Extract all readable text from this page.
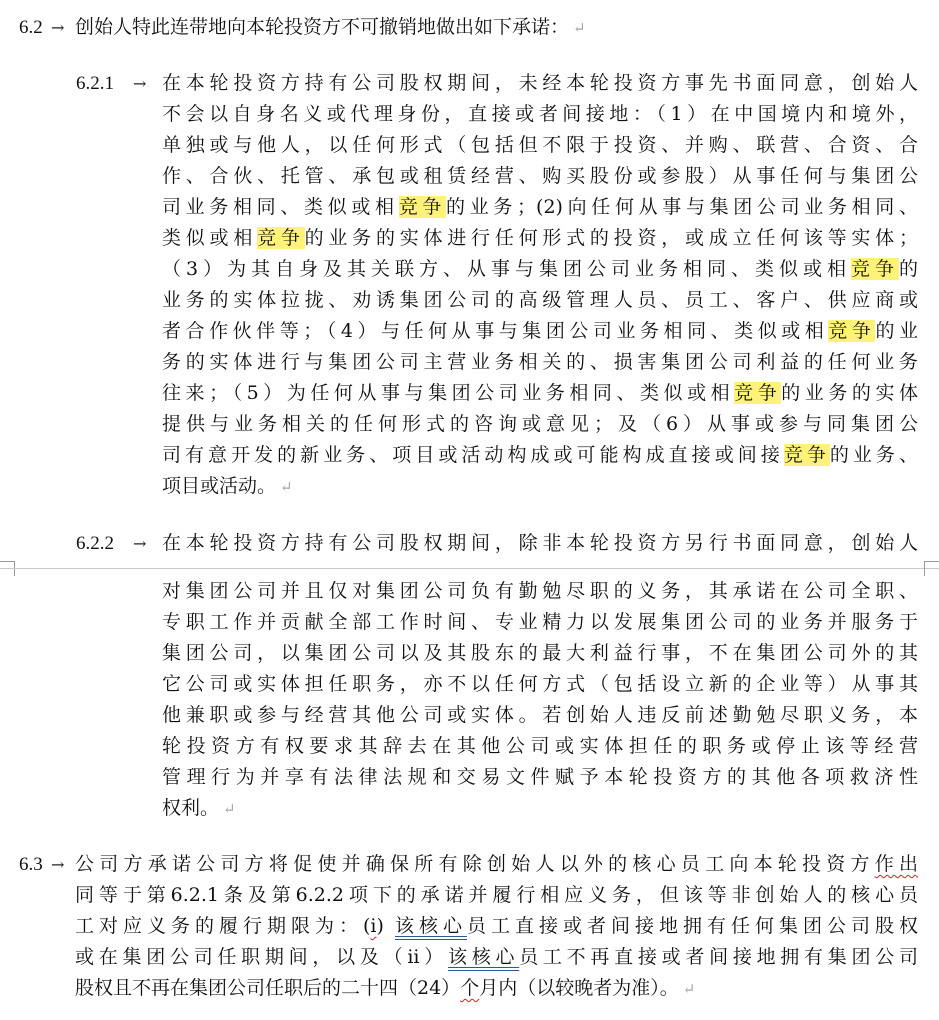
6.2 → 创始人特此连带地向本轮投资方不可撤销地做出如下承诺： ↵
6.2.1 → 在本轮投资方持有公司股权期间，未经本轮投资方事先书面同意，创始人
不会以自身名义或代理身份，直接或者间接地：（1）在中国境内和境外，
单独或与他人，以任何形式（包括但不限于投资、并购、联营、合资、合
作、合伙、托管、承包或租赁经营、购买股份或参股）从事任何与集团公
司业务相同、类似或相竞争的业务；(2)向任何从事与集团公司业务相同、
类似或相竞争的业务的实体进行任何形式的投资，或成立任何该等实体；
（3）为其自身及其关联方、从事与集团公司业务相同、类似或相竞争的
业务的实体拉拢、劝诱集团公司的高级管理人员、员工、客户、供应商或
者合作伙伴等；（4）与任何从事与集团公司业务相同、类似或相竞争的业
务的实体进行与集团公司主营业务相关的、损害集团公司利益的任何业务
往来；（5）为任何从事与集团公司业务相同、类似或相竞争的业务的实体
提供与业务相关的任何形式的咨询或意见；及（6）从事或参与同集团公
司有意开发的新业务、项目或活动构成或可能构成直接或间接竞争的业务、
项目或活动。 ↵
6.2.2 → 在本轮投资方持有公司股权期间，除非本轮投资方另行书面同意，创始人
对集团公司并且仅对集团公司负有勤勉尽职的义务，其承诺在公司全职、
专职工作并贡献全部工作时间、专业精力以发展集团公司的业务并服务于
集团公司，以集团公司以及其股东的最大利益行事，不在集团公司外的其
它公司或实体担任职务，亦不以任何方式（包括设立新的企业等）从事其
他兼职或参与经营其他公司或实体。若创始人违反前述勤勉尽职义务，本
轮投资方有权要求其辞去在其他公司或实体担任的职务或停止该等经营
管理行为并享有法律法规和交易文件赋予本轮投资方的其他各项救济性
权利。 ↵
6.3 → 公司方承诺公司方将促使并确保所有除创始人以外的核心员工向本轮投资方作出
同等于第6.2.1条及第6.2.2项下的承诺并履行相应义务，但该等非创始人的核心员
工对应义务的履行期限为：(i) 该核心员工直接或者间接地拥有任何集团公司股权
或在集团公司任职期间，以及（ii）该核心员工不再直接或者间接地拥有集团公司
股权且不再在集团公司任职后的二十四（24）个月内（以较晚者为准）。 ↵
